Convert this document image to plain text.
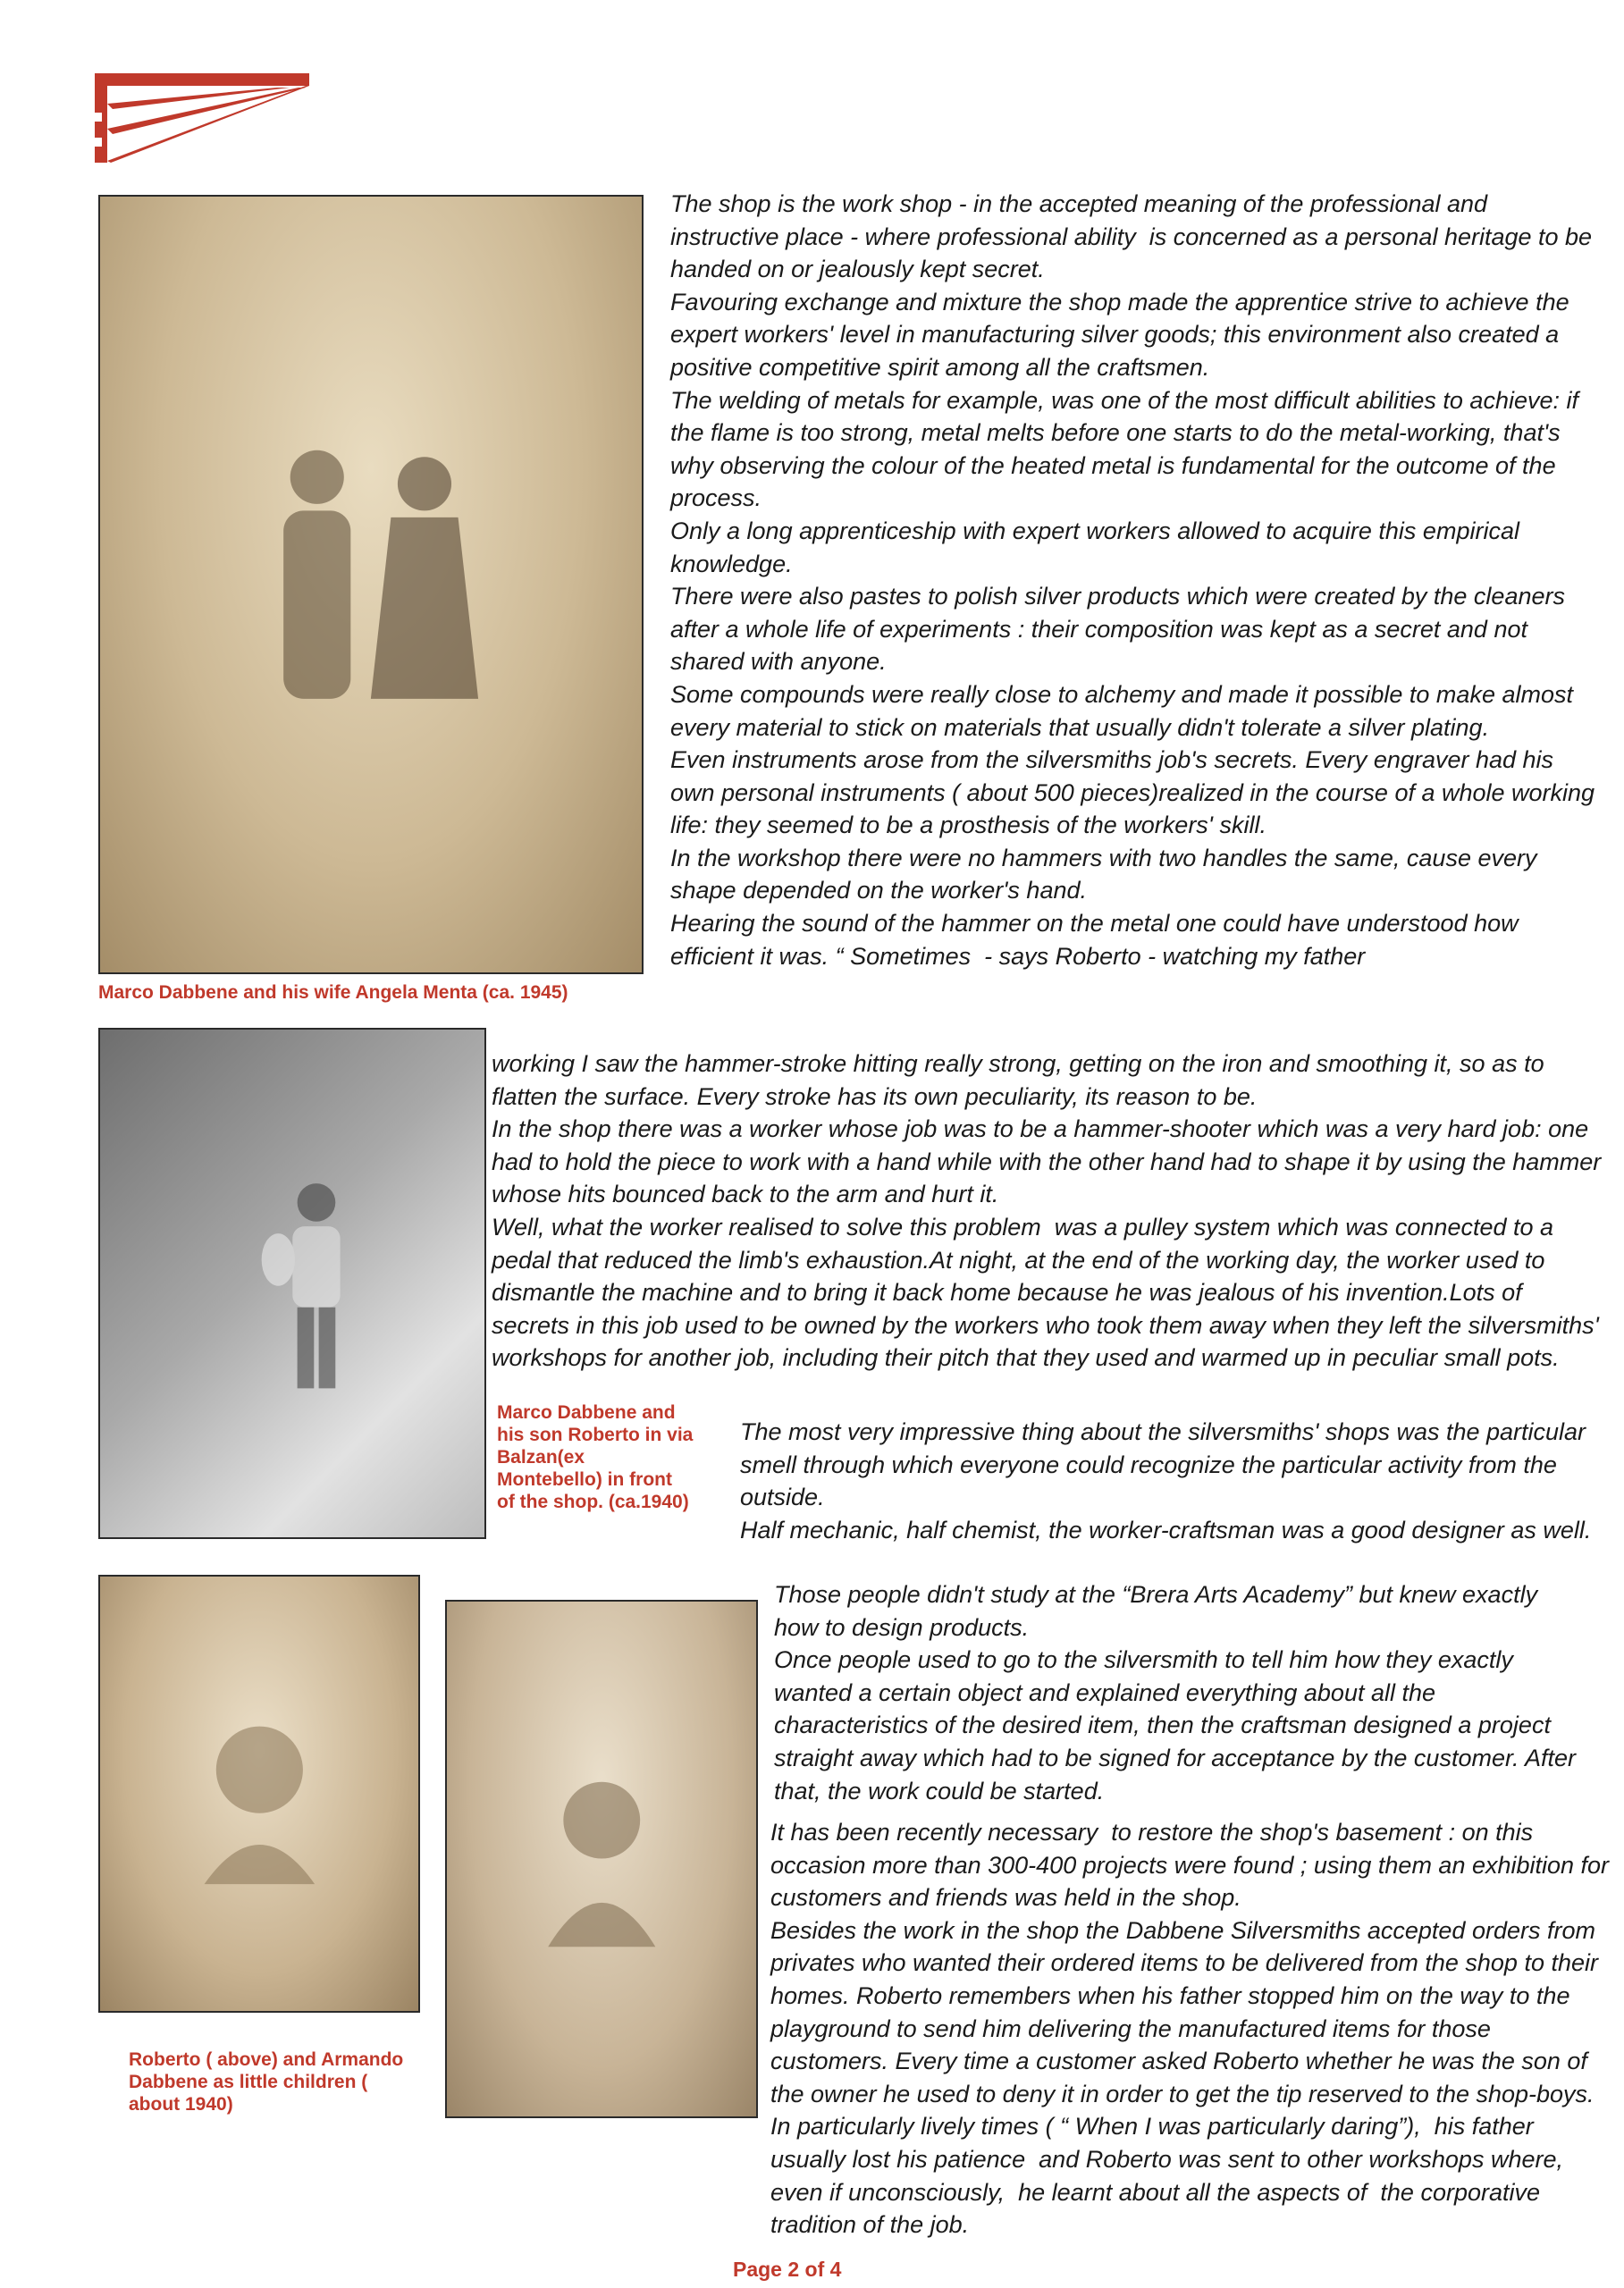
Marco Dabbene and his wife Angela Menta (ca. 1945)

Marco Dabbene and his son Roberto in via Balzan(ex Montebello) in front of the shop. (ca.1940)

Roberto ( above) and Armando Dabbene as little children ( about 1940)

The shop is the work shop - in the accepted meaning of the professional and instructive place - where professional ability  is concerned as a personal heritage to be handed on or jealously kept secret.
Favouring exchange and mixture the shop made the apprentice strive to achieve the expert workers' level in manufacturing silver goods; this environment also created a positive competitive spirit among all the craftsmen.
The welding of metals for example, was one of the most difficult abilities to achieve: if the flame is too strong, metal melts before one starts to do the metal-working, that's why observing the colour of the heated metal is fundamental for the outcome of the process.
Only a long apprenticeship with expert workers allowed to acquire this empirical knowledge.
There were also pastes to polish silver products which were created by the cleaners after a whole life of experiments : their composition was kept as a secret and not shared with anyone.
Some compounds were really close to alchemy and made it possible to make almost every material to stick on materials that usually didn't tolerate a silver plating.
Even instruments arose from the silversmiths job's secrets. Every engraver had his own personal instruments ( about 500 pieces)realized in the course of a whole working life: they seemed to be a prosthesis of the workers' skill.
In the workshop there were no hammers with two handles the same, cause every shape depended on the worker's hand.
Hearing the sound of the hammer on the metal one could have understood how efficient it was. “ Sometimes  - says Roberto - watching my father

working I saw the hammer-stroke hitting really strong, getting on the iron and smoothing it, so as to flatten the surface. Every stroke has its own peculiarity, its reason to be.
In the shop there was a worker whose job was to be a hammer-shooter which was a very hard job: one had to hold the piece to work with a hand while with the other hand had to shape it by using the hammer whose hits bounced back to the arm and hurt it.
Well, what the worker realised to solve this problem  was a pulley system which was connected to a pedal that reduced the limb's exhaustion.At night, at the end of the working day, the worker used to dismantle the machine and to bring it back home because he was jealous of his invention.Lots of secrets in this job used to be owned by the workers who took them away when they left the silversmiths' workshops for another job, including their pitch that they used and warmed up in peculiar small pots.

The most very impressive thing about the silversmiths' shops was the particular smell through which everyone could recognize the particular activity from the outside.
Half mechanic, half chemist, the worker-craftsman was a good designer as well.

Those people didn't study at the “Brera Arts Academy” but knew exactly how to design products.
Once people used to go to the silversmith to tell him how they exactly wanted a certain object and explained everything about all the characteristics of the desired item, then the craftsman designed a project straight away which had to be signed for acceptance by the customer. After that, the work could be started.

It has been recently necessary  to restore the shop's basement : on this occasion more than 300-400 projects were found ; using them an exhibition for customers and friends was held in the shop.
Besides the work in the shop the Dabbene Silversmiths accepted orders from privates who wanted their ordered items to be delivered from the shop to their homes. Roberto remembers when his father stopped him on the way to the playground to send him delivering the manufactured items for those customers. Every time a customer asked Roberto whether he was the son of the owner he used to deny it in order to get the tip reserved to the shop-boys. In particularly lively times ( “ When I was particularly daring”),  his father usually lost his patience  and Roberto was sent to other workshops where, even if unconsciously,  he learnt about all the aspects of  the corporative tradition of the job.

Page 2 of 4
